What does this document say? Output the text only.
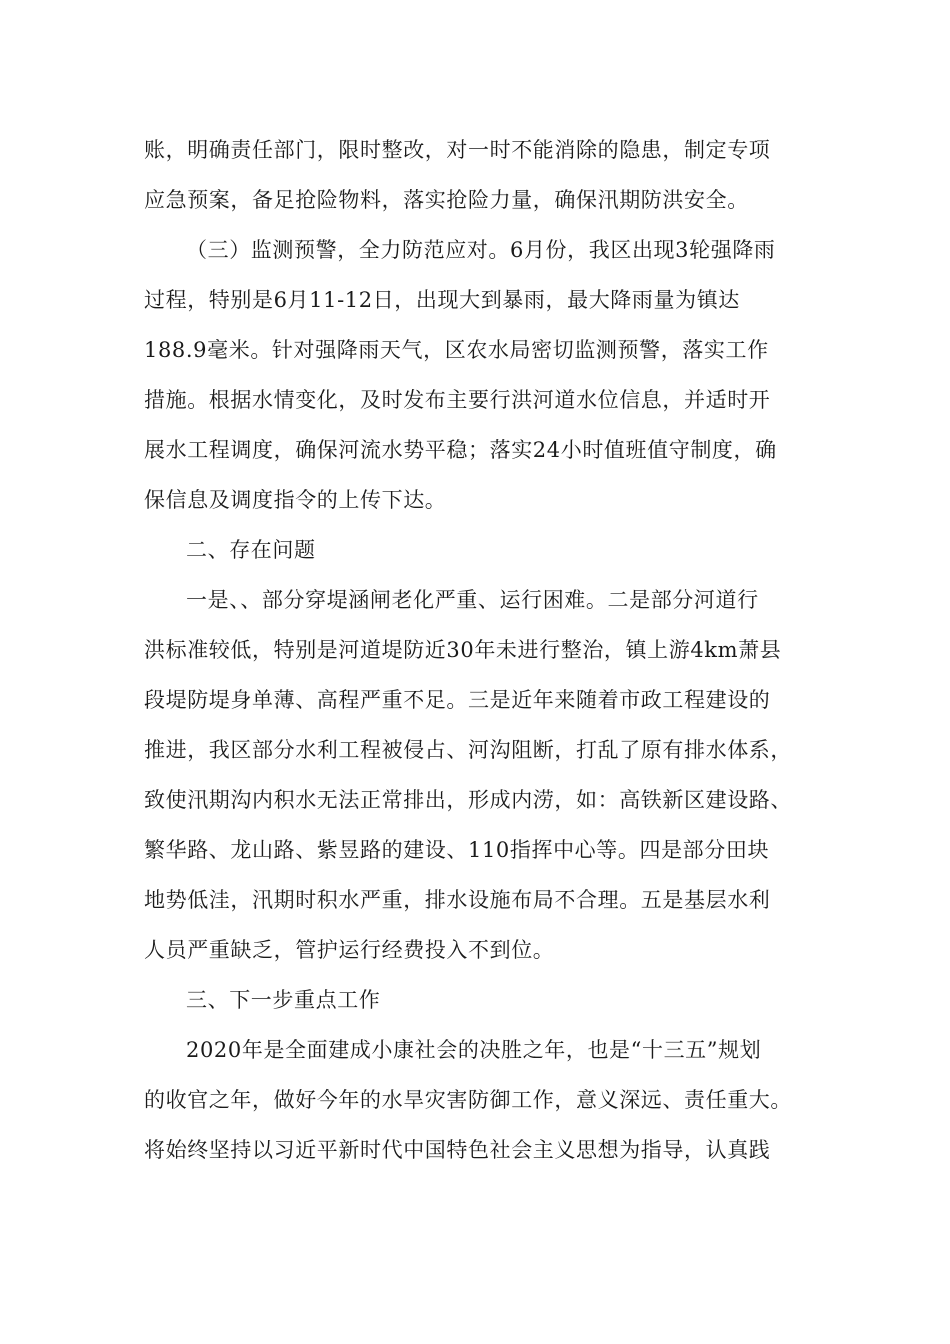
账，明确责任部门，限时整改，对一时不能消除的隐患，制定专项
应急预案，备足抢险物料，落实抢险力量，确保汛期防洪安全。
（三）监测预警，全力防范应对。6月份，我区出现3轮强降雨
过程，特别是6月11-12日，出现大到暴雨，最大降雨量为镇达
188.9毫米。针对强降雨天气，区农水局密切监测预警，落实工作
措施。根据水情变化，及时发布主要行洪河道水位信息，并适时开
展水工程调度，确保河流水势平稳；落实24小时值班值守制度，确
保信息及调度指令的上传下达。
二、存在问题
一是、、部分穿堤涵闸老化严重、运行困难。二是部分河道行
洪标准较低，特别是河道堤防近30年未进行整治，镇上游4km萧县
段堤防堤身单薄、高程严重不足。三是近年来随着市政工程建设的
推进，我区部分水利工程被侵占、河沟阻断，打乱了原有排水体系，
致使汛期沟内积水无法正常排出，形成内涝，如：高铁新区建设路、
繁华路、龙山路、紫昱路的建设、110指挥中心等。四是部分田块
地势低洼，汛期时积水严重，排水设施布局不合理。五是基层水利
人员严重缺乏，管护运行经费投入不到位。
三、下一步重点工作
2020年是全面建成小康社会的决胜之年，也是“十三五”规划
的收官之年，做好今年的水旱灾害防御工作，意义深远、责任重大。
将始终坚持以习近平新时代中国特色社会主义思想为指导，认真践
